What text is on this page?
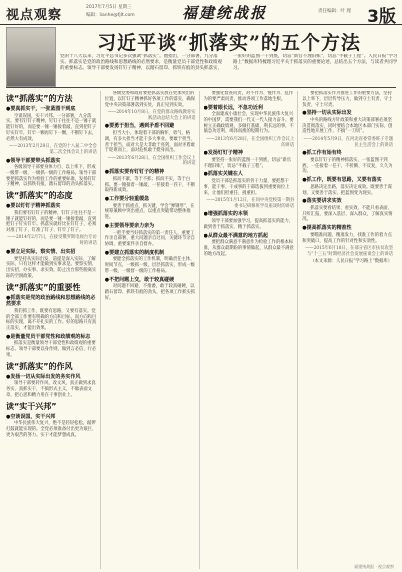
视点观察
2017年7月5日 星期三
编辑：lianhe@fjlt.com	福建统战报	责任编辑：叶 理 3版
习近平谈“抓落实”的五个方法
党的十八大以来，习近平总书记多次强调“抓落实”。他指出，一分部署，九分落实。抓落实是党的政治路线和思想路线的必然要求，是衡量党员干部党性和政绩观的重要标志。领导干部要发扬钉钉子精神，以踏石留印、抓铁有痕的劲头抓落实，一张好的蓝图一干到底，切忌“新官不理旧账”，切忌“半截子工程”。人民日报“学习路上”数据库特梳理习近平关于抓落实的重要论述，总结出五个方法，与读者共同学习。
读“抓落实”的方法
●要真抓实干，一张蓝图干到底

空谈误国，实干兴邦。一分部署，九分落实。要有钉钉子精神，钉钉子往往不是一锤子就能钉好的，而是要一锤一锤接着敲，直到把钉子钉实钉牢，钉牢一颗再钉下一颗，不断钉下去，必然大有成效。

——2013年2月28日，在党的十八届二中全会第二次全体会议上的讲话
●领导干部要带头抓落实

各级领导干部要身体力行、以上率下，形成一级带一级、一级抓一级的工作格局。领导干部要把抓落实作为检验工作的重要标准，发扬钉钉子精神，以抓铁有痕、踏石留印的劲头抓落实。

读“抓落实”的态度
●要以钉钉子精神抓落实

我们要有钉钉子的精神，钉钉子往往不是一锤子就能钉好的，而是要一锤一锤接着敲，直到把钉子钉实钉牢。抓落实就好比在钉钉子，必须对准了钉子、钉准了钉子、钉牢了钉子。

——2014年2月7日，在接受俄罗斯电视台专访时的讲话
●要立足实际，察实情、出实招

要坚持从实际出发，前提是深入实际、了解实际，只有这样才能做到实事求是。要察实情、出实招、办实事、求实效，防止出台那些脱离实际的空洞政策。

读“抓落实”的重要性
●抓落实是党的政治路线和思想路线的必然要求

我们抓工作，既要有思路，又要有落实。党的全部工作要有明确的方向和目标，而方向和目标的实现，离不开扎实的工作。好的思路只有真正落实，才能出效果。

●是衡量党员干部党性和政绩观的标志

抓落实是衡量领导干部党性和政绩观的重要标志，领导干部要以身作则，做到言必信、行必果。

读“抓落实”的作风
●发扬一切从实际出发的务实作风

领导干部要转作风、改文风，真正做到求真务实、真抓实干，不搞形式主义，不做表面文章，把心思和精力用在干事创业上。

读“实干兴邦”
●空谈误国，实干兴邦

中华民族伟大复兴，绝不是轻轻松松、敲锣打鼓就能实现的。全党必须准备付出更为艰巨、更为艰苦的努力。实干才能梦想成真。

各级党委和政府要把抓落实放在更加突出的位置，以钉钉子精神抓好各项工作的落实，确保党中央决策部署落到实处，真正见到实效。

——2014年10月8日，在党的群众路线教育实践活动总结大会上的讲话
●要勇于担当，遇到矛盾不回避

担当大小，体现着干部的胸怀、勇气、格调，有多大担当才能干多大事业。要敢于担当、善于担当，面对大是大非敢于亮剑，面对矛盾敢于迎难而上，面对危机敢于挺身而出。

——2013年6月28日，在全国组织工作会议上的讲话
●抓落实要有钉钉子的精神

抓而不紧，等于不抓；抓而不实，等于白抓。要一锤接着一锤敲，一茬接着一茬干，不断取得新成效。

●工作要分轻重缓急

要善于抓重点、抓关键，学会“弹钢琴”，在统筹兼顾中突出重点，以重点突破带动整体推进。

●主要领导要亲力亲为

一把手要当好抓落实的第一责任人，重要工作亲自部署、重大问题亲自过问、关键环节亲自协调、重要案件亲自督办。

●要建立抓落实的制度机制

要健全抓落实的工作机制，明确责任主体、时间节点，一级抓一级，层层抓落实，形成一级带一级、一级督一级的工作格局。

●不把问题上交，敢于较真碰硬

对问题不回避、不推诿，敢于较真碰硬，以踏石留印、抓铁有痕的劲头，把各项工作抓实抓好。

要强化督查问责，对不作为、慢作为、乱作为的要严肃问责，推动各项工作落地生根。

●要着眼长远，不急功近利

全面建成小康社会，实现中华民族伟大复兴的中国梦，需要我们一代又一代人接力奋斗。要树立正确政绩观，多做打基础、利长远的事，不搞急功近利、竭泽而渔的短期行为。

——2013年6月28日，在全国组织工作会议上的讲话
●发扬钉钉子精神

要坚持一张好的蓝图一干到底，切忌“新官不理旧账”，切忌“半截子工程”。

●抓落实关键在人

党员干部是抓落实的骨干力量，要把想干事、能干事、干成事的干部选拔到重要岗位上来，让他们担重任、挑重担。

——2015年1月12日，在同中央党校第一期县委书记研修班学员座谈时的讲话
●增强抓落实的本领

领导干部要加强学习，提高抓落实的能力，做到善于抓落实、精于抓落实。

●从群众最不满意的地方抓起

要把群众满意不满意作为检验工作的根本标准，从群众最期盼的事情做起，从群众最不满意的地方改起。

要把抓落实作为推进工作的重要方法，坚持以上率下，层层传导压力，做到守土有责、守土负责、守土尽责。

●坚持一切从实际出发

中央的路线方针政策和重大决策部署必须坚决贯彻落实，同时要结合本地区本部门实际，创造性地开展工作，不搞“一刀切”。

——2014年5月9日，在河北省委常委班子专题民主生活会上的讲话
●抓工作有始有终

要以钉钉子的精神抓落实，一张蓝图干到底，一任接着一任干，不折腾、不反复，久久为功。

●抓工作，既要有思路，又要有落实

思路决定出路，落实决定成效。既要善于谋划，又要善于落实，把蓝图变为现实。

●落实要讲求实效

抓落实要看结果、看实效，不能只看表面、只听汇报，要深入基层、深入群众，了解真实情况。

●提高抓落实的精准性

要瞄准问题、精准发力，找准工作的着力点和突破口，提高工作的针对性和实效性。

——2015年6月18日，在部分省区市扶贫攻坚与“十三五”时期经济社会发展座谈会上的讲话

（本文来源：人民日报“学习路上”数据库）

福建统战报 · 视点观察
